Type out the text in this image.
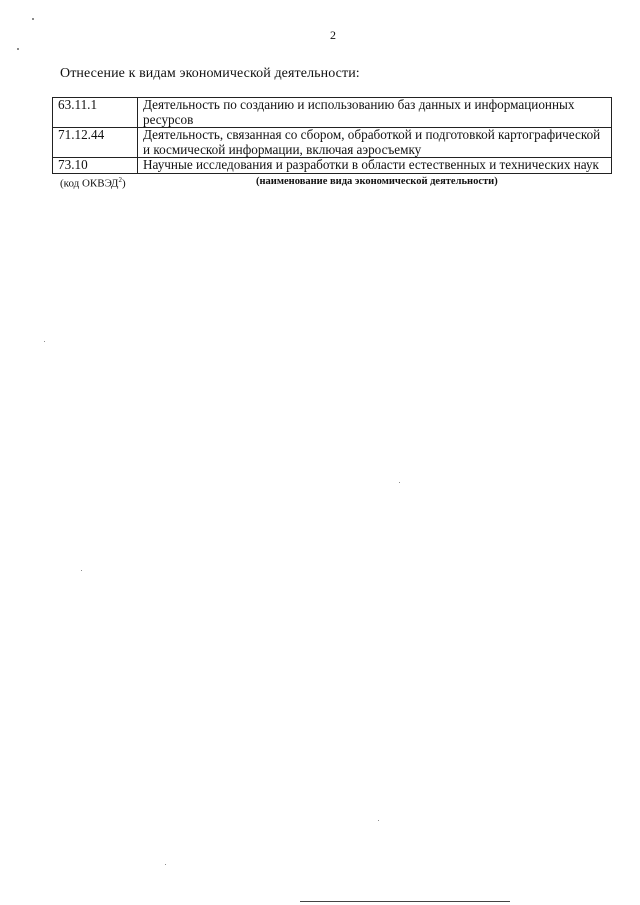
2
Отнесение к видам экономической деятельности:
63.11.1	Деятельность по созданию и использованию баз данных и информационных ресурсов
71.12.44	Деятельность, связанная со сбором, обработкой и подготовкой картографической и космической информации, включая аэросъемку
73.10	Научные исследования и разработки в области естественных и технических наук
(код ОКВЭД$^2$)	(наименование вида экономической деятельности)
